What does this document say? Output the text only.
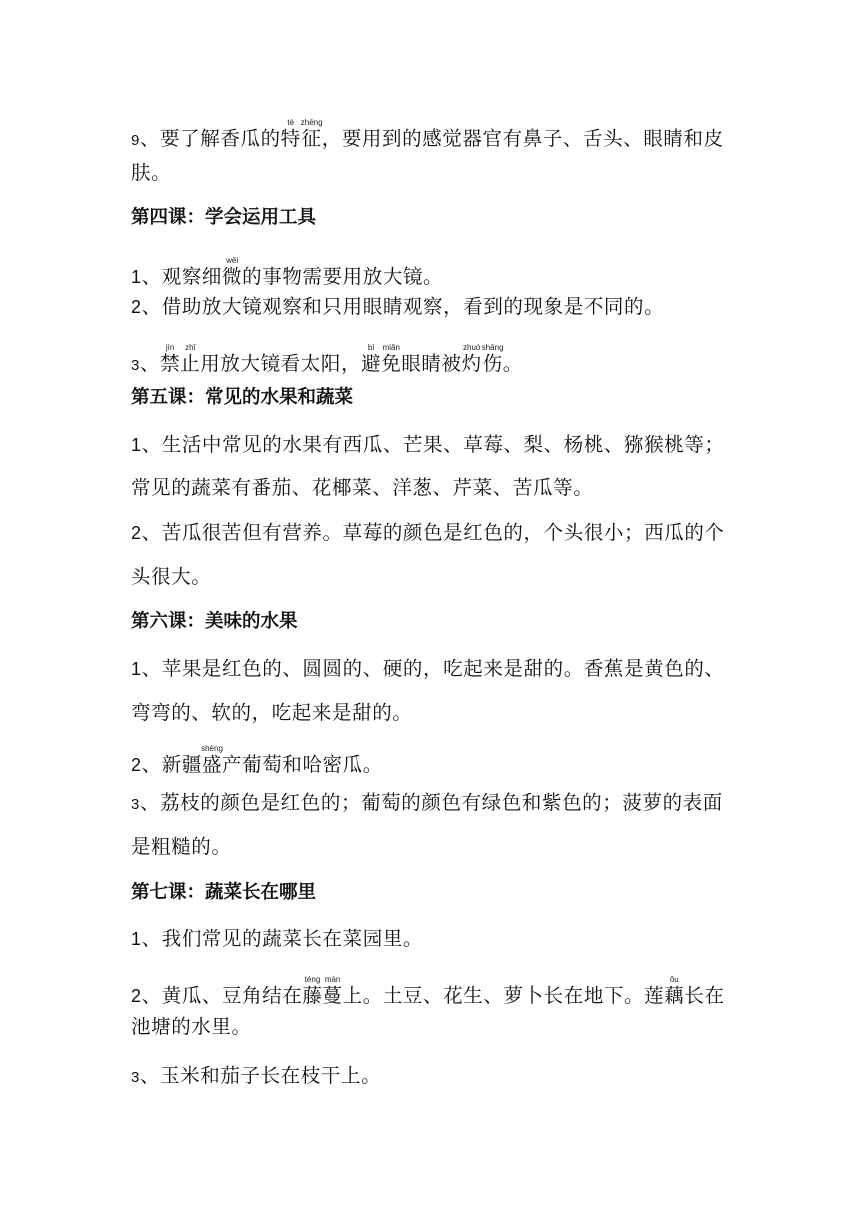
9、要了解香瓜的特tè征zhēng，要用到的感觉器官有鼻子、舌头、眼睛和皮
肤。
第四课：学会运用工具
1、观察细微wēi的事物需要用放大镜。
2、借助放大镜观察和只用眼睛观察，看到的现象是不同的。
3、禁jìn止zhǐ用放大镜看太阳，避bì免miǎn眼睛被灼zhuó伤shāng。
第五课：常见的水果和蔬菜
1、生活中常见的水果有西瓜、芒果、草莓、梨、杨桃、猕猴桃等；
常见的蔬菜有番茄、花椰菜、洋葱、芹菜、苦瓜等。
2、苦瓜很苦但有营养。草莓的颜色是红色的，个头很小；西瓜的个
头很大。
第六课：美味的水果
1、苹果是红色的、圆圆的、硬的，吃起来是甜的。香蕉是黄色的、
弯弯的、软的，吃起来是甜的。
2、新疆盛shèng产葡萄和哈密瓜。
3、荔枝的颜色是红色的；葡萄的颜色有绿色和紫色的；菠萝的表面
是粗糙的。
第七课：蔬菜长在哪里
1、我们常见的蔬菜长在菜园里。
2、黄瓜、豆角结在藤téng蔓màn上。土豆、花生、萝卜长在地下。莲藕ǒu长在
池塘的水里。
3、玉米和茄子长在枝干上。
